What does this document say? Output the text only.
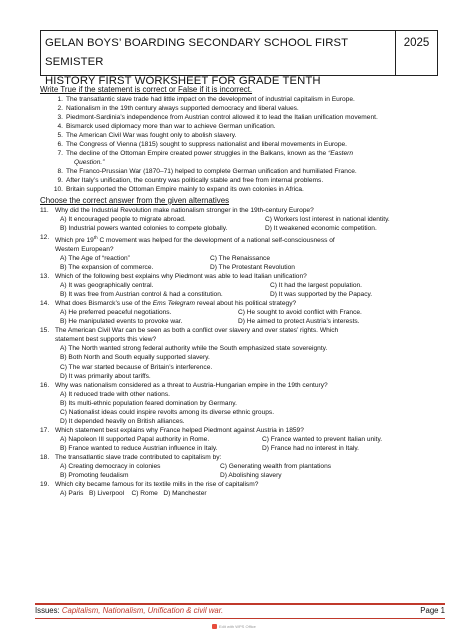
GELAN BOYS’ BOARDING SECONDARY SCHOOL FIRST SEMISTER
HISTORY FIRST WORKSHEET FOR GRADE TENTH
2025
Write True if the statement is correct or False if it is incorrect.
1. The transatlantic slave trade had little impact on the development of industrial capitalism in Europe.
2. Nationalism in the 19th century always supported democracy and liberal values.
3. Piedmont-Sardinia’s independence from Austrian control allowed it to lead the Italian unification movement.
4. Bismarck used diplomacy more than war to achieve German unification.
5. The American Civil War was fought only to abolish slavery.
6. The Congress of Vienna (1815) sought to suppress nationalist and liberal movements in Europe.
7. The decline of the Ottoman Empire created power struggles in the Balkans, known as the “Eastern
Question.”
8. The Franco-Prussian War (1870–71) helped to complete German unification and humiliated France.
9. After Italy’s unification, the country was politically stable and free from internal problems.
10. Britain supported the Ottoman Empire mainly to expand its own colonies in Africa.
Choose the correct answer from the given alternatives
11. Why did the Industrial Revolution make nationalism stronger in the 19th-century Europe?
A) It encouraged people to migrate abroad.	C) Workers lost interest in national identity.
B) Industrial powers wanted colonies to compete globally.	D) It weakened economic competition.
12. Which pre 19th C movement was helped for the development of a national self-consciousness of
Western European?
A) The Age of “reaction”	C) The Renaissance
B) The expansion of commerce.	D) The Protestant Revolution
13. Which of the following best explains why Piedmont was able to lead Italian unification?
A) It was geographically central.	C) It had the largest population.
B) It was free from Austrian control & had a constitution.	D) It was supported by the Papacy.
14. What does Bismarck’s use of the Ems Telegram reveal about his political strategy?
A) He preferred peaceful negotiations.	C) He sought to avoid conflict with France.
B) He manipulated events to provoke war.	D) He aimed to protect Austria’s interests.
15. The American Civil War can be seen as both a conflict over slavery and over states’ rights. Which
statement best supports this view?
A) The North wanted strong federal authority while the South emphasized state sovereignty.
B) Both North and South equally supported slavery.
C) The war started because of Britain’s interference.
D) It was primarily about tariffs.
16. Why was nationalism considered as a threat to Austria-Hungarian empire in the 19th century?
A) It reduced trade with other nations.
B) Its multi-ethnic population feared domination by Germany.
C) Nationalist ideas could inspire revolts among its diverse ethnic groups.
D) It depended heavily on British alliances.
17. Which statement best explains why France helped Piedmont against Austria in 1859?
A) Napoleon III supported Papal authority in Rome.	C) France wanted to prevent Italian unity.
B) France wanted to reduce Austrian influence in Italy.	D) France had no interest in Italy.
18. The transatlantic slave trade contributed to capitalism by:
A) Creating democracy in colonies	C) Generating wealth from plantations
B) Promoting feudalism	D) Abolishing slavery
19. Which city became famous for its textile mills in the rise of capitalism?
A) Paris   B) Liverpool    C) Rome   D) Manchester
Issues: Capitalism, Nationalism, Unification & civil war.	Page 1
Edit with WPS Office
